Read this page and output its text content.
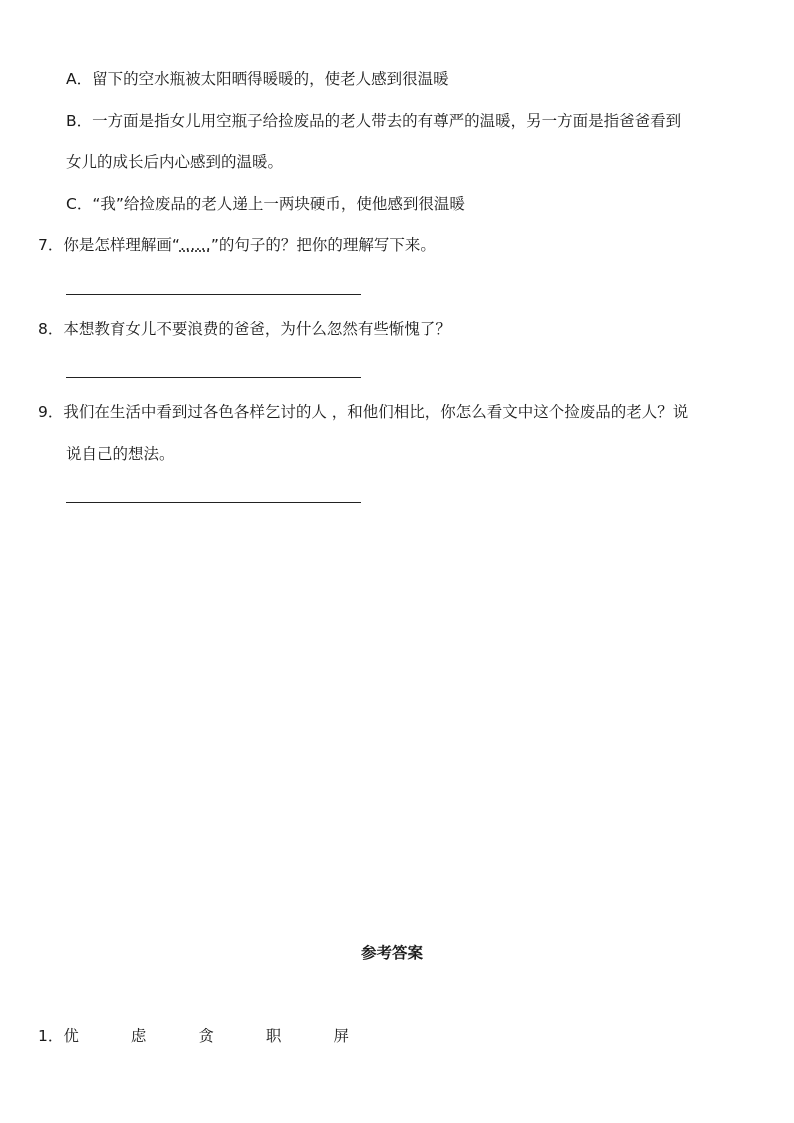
A．留下的空水瓶被太阳晒得暖暖的，使老人感到很温暖
B．一方面是指女儿用空瓶子给捡废品的老人带去的有尊严的温暖，另一方面是指爸爸看到
女儿的成长后内心感到的温暖。
C．“我”给捡废品的老人递上一两块硬币，使他感到很温暖
7．你是怎样理解画“……”的句子的？把你的理解写下来。
8．本想教育女儿不要浪费的爸爸，为什么忽然有些惭愧了？
9．我们在生活中看到过各色各样乞讨的人 ，和他们相比，你怎么看文中这个捡废品的老人？说
说自己的想法。
参考答案
1．优	虑	贪	职	屏
